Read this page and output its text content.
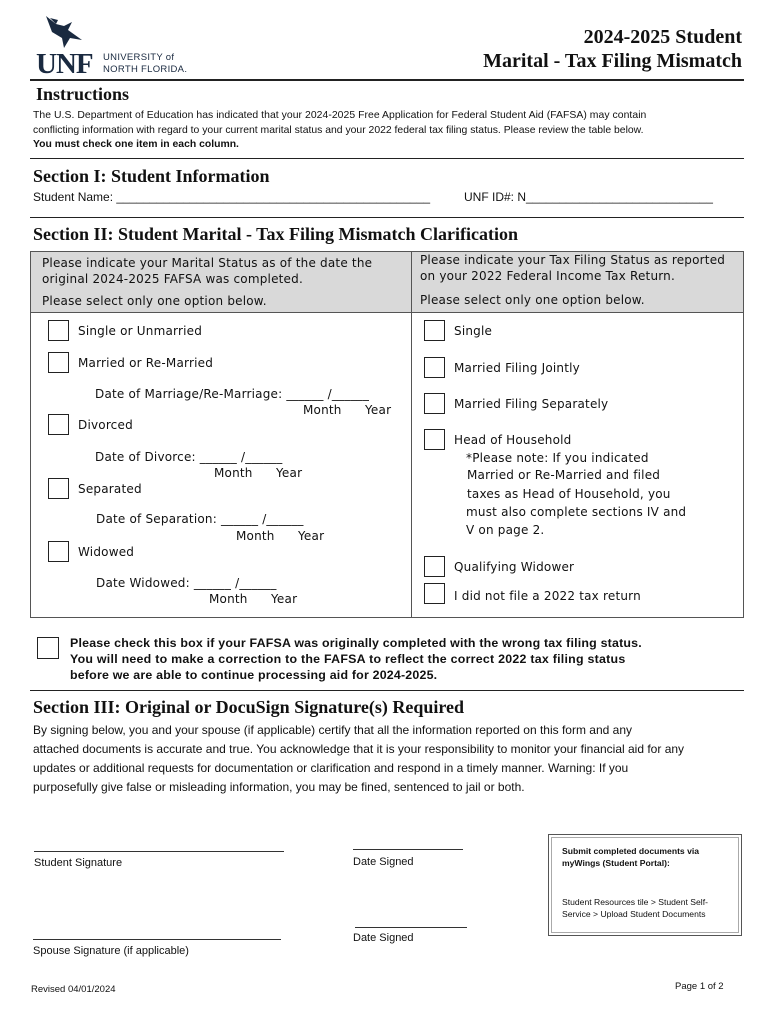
UNF UNIVERSITY of
NORTH FLORIDA.
2024-2025 Student
Marital - Tax Filing Mismatch
Instructions
The U.S. Department of Education has indicated that your 2024-2025 Free Application for Federal Student Aid (FAFSA) may contain
conflicting information with regard to your current marital status and your 2022 federal tax filing status. Please review the table below.
You must check one item in each column.
Section I: Student Information
Student Name: _______________________________________________	UNF ID#: N____________________________
Section II: Student Marital - Tax Filing Mismatch Clarification
Please indicate your Marital Status as of the date the
original 2024-2025 FAFSA was completed.
Please select only one option below.
Please indicate your Tax Filing Status as reported
on your 2022 Federal Income Tax Return.
Please select only one option below.
Single or Unmarried
Married or Re-Married
Date of Marriage/Re-Marriage: ______ /______
Month Year
Divorced
Date of Divorce: ______ /______
Month Year
Separated
Date of Separation: ______ /______
Month Year
Widowed
Date Widowed: ______ /______
Month Year
Single
Married Filing Jointly
Married Filing Separately
Head of Household
*Please note: If you indicated
Married or Re-Married and filed
taxes as Head of Household, you
must also complete sections IV and
V on page 2.
Qualifying Widower
I did not file a 2022 tax return
Please check this box if your FAFSA was originally completed with the wrong tax filing status.
You will need to make a correction to the FAFSA to reflect the correct 2022 tax filing status
before we are able to continue processing aid for 2024-2025.
Section III: Original or DocuSign Signature(s) Required
By signing below, you and your spouse (if applicable) certify that all the information reported on this form and any
attached documents is accurate and true. You acknowledge that it is your responsibility to monitor your financial aid for any
updates or additional requests for documentation or clarification and respond in a timely manner. Warning: If you
purposefully give false or misleading information, you may be fined, sentenced to jail or both.
Student Signature	Date Signed
Spouse Signature (if applicable)
Date Signed
Submit completed documents via
myWings (Student Portal):
Student Resources tile > Student Self-
Service > Upload Student Documents
Revised 04/01/2024	Page 1 of 2
